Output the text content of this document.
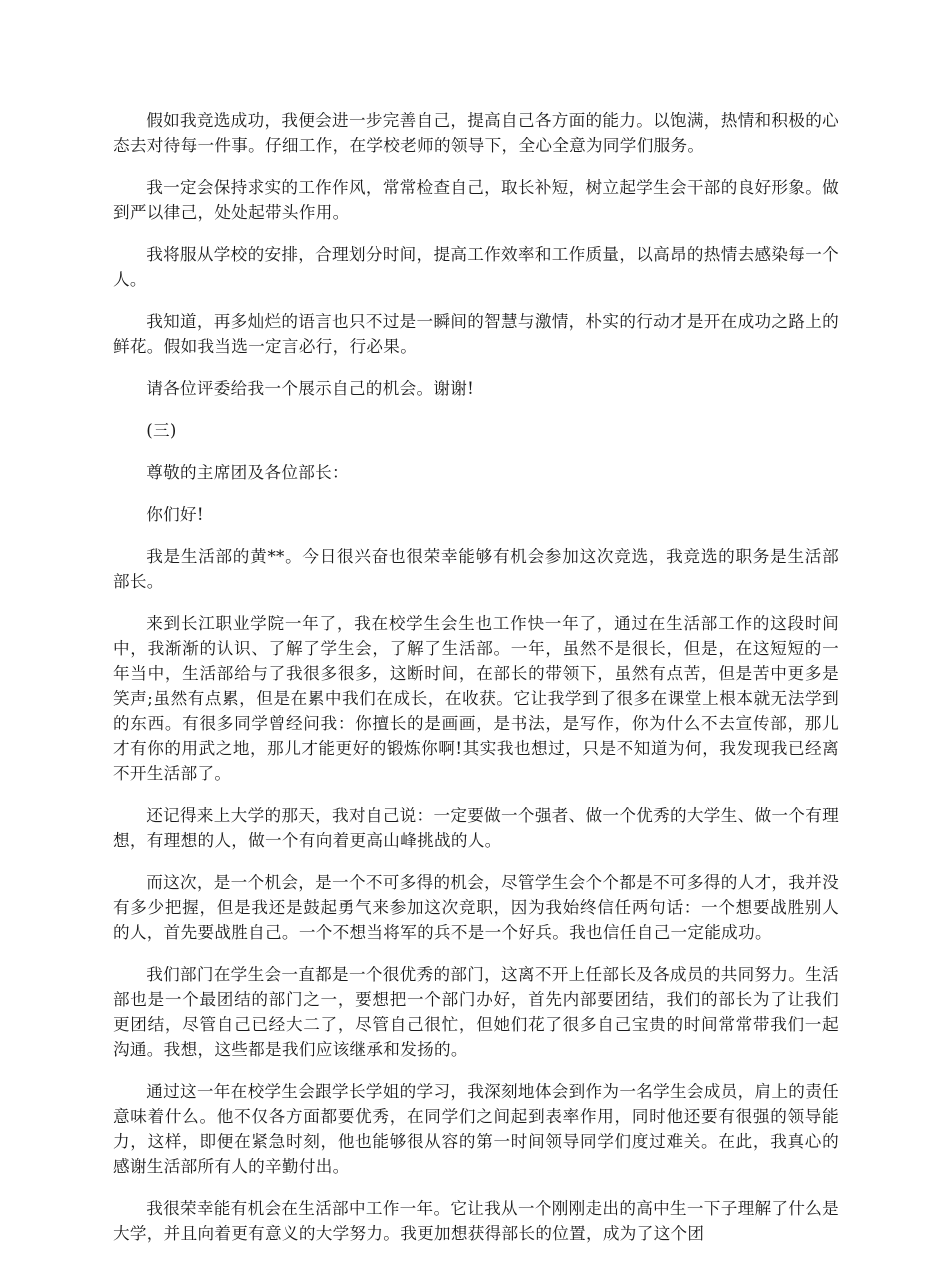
假如我竞选成功，我便会进一步完善自己，提高自己各方面的能力。以饱满，热情和积极的心态去对待每一件事。仔细工作，在学校老师的领导下，全心全意为同学们服务。

我一定会保持求实的工作作风，常常检查自己，取长补短，树立起学生会干部的良好形象。做到严以律己，处处起带头作用。

我将服从学校的安排，合理划分时间，提高工作效率和工作质量，以高昂的热情去感染每一个人。

我知道，再多灿烂的语言也只不过是一瞬间的智慧与激情，朴实的行动才是开在成功之路上的鲜花。假如我当选一定言必行，行必果。

请各位评委给我一个展示自己的机会。谢谢!

(三)

尊敬的主席团及各位部长：

你们好!

我是生活部的黄**。今日很兴奋也很荣幸能够有机会参加这次竞选，我竞选的职务是生活部部长。

来到长江职业学院一年了，我在校学生会生也工作快一年了，通过在生活部工作的这段时间中，我渐渐的认识、了解了学生会，了解了生活部。一年，虽然不是很长，但是，在这短短的一年当中，生活部给与了我很多很多，这断时间，在部长的带领下，虽然有点苦，但是苦中更多是笑声;虽然有点累，但是在累中我们在成长，在收获。它让我学到了很多在课堂上根本就无法学到的东西。有很多同学曾经问我：你擅长的是画画，是书法，是写作，你为什么不去宣传部，那儿才有你的用武之地，那儿才能更好的锻炼你啊!其实我也想过，只是不知道为何，我发现我已经离不开生活部了。

还记得来上大学的那天，我对自己说：一定要做一个强者、做一个优秀的大学生、做一个有理想，有理想的人，做一个有向着更高山峰挑战的人。

而这次，是一个机会，是一个不可多得的机会，尽管学生会个个都是不可多得的人才，我并没有多少把握，但是我还是鼓起勇气来参加这次竞职，因为我始终信任两句话：一个想要战胜别人的人，首先要战胜自己。一个不想当将军的兵不是一个好兵。我也信任自己一定能成功。

我们部门在学生会一直都是一个很优秀的部门，这离不开上任部长及各成员的共同努力。生活部也是一个最团结的部门之一，要想把一个部门办好，首先内部要团结，我们的部长为了让我们更团结，尽管自己已经大二了，尽管自己很忙，但她们花了很多自己宝贵的时间常常带我们一起沟通。我想，这些都是我们应该继承和发扬的。

通过这一年在校学生会跟学长学姐的学习，我深刻地体会到作为一名学生会成员，肩上的责任意味着什么。他不仅各方面都要优秀，在同学们之间起到表率作用，同时他还要有很强的领导能力，这样，即便在紧急时刻，他也能够很从容的第一时间领导同学们度过难关。在此，我真心的感谢生活部所有人的辛勤付出。

我很荣幸能有机会在生活部中工作一年。它让我从一个刚刚走出的高中生一下子理解了什么是大学，并且向着更有意义的大学努力。我更加想获得部长的位置，成为了这个团
